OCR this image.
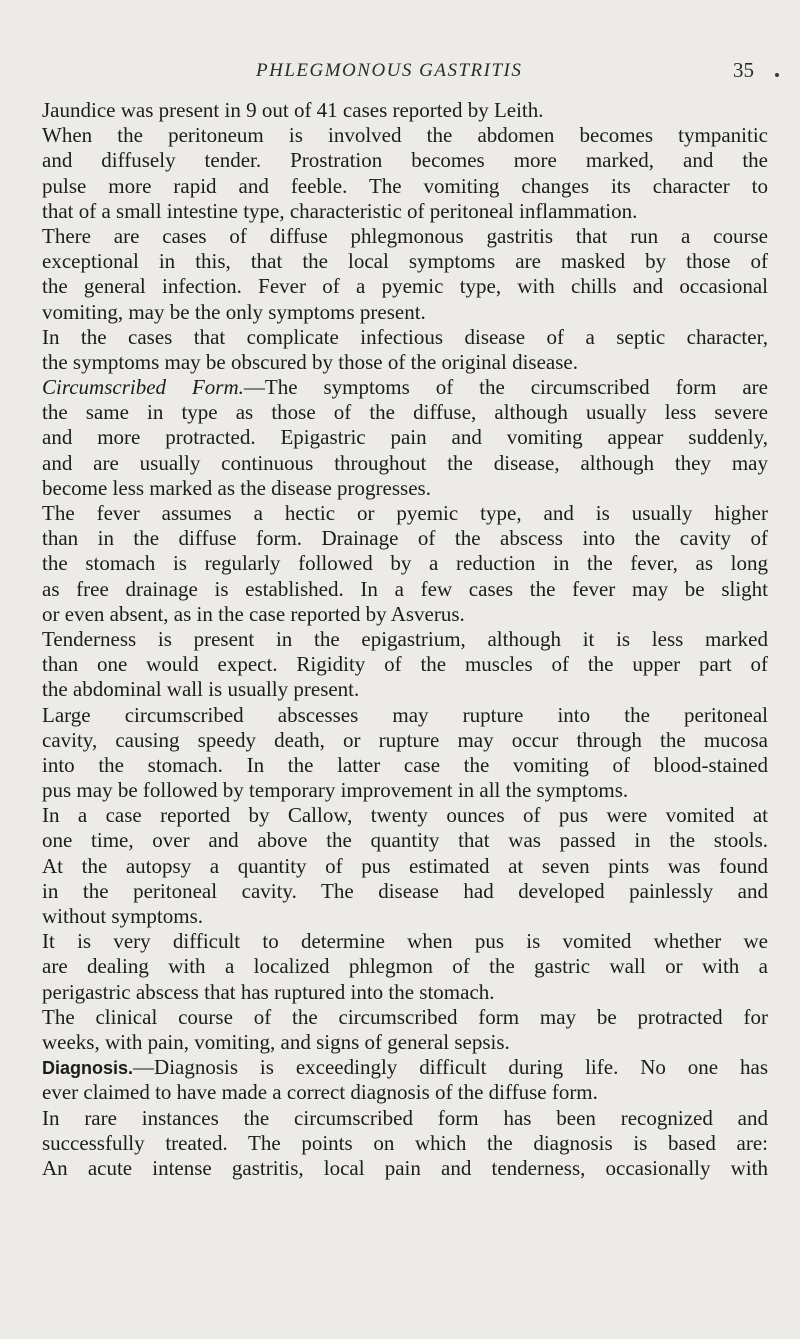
PHLEGMONOUS GASTRITIS	35
Jaundice was present in 9 out of 41 cases reported by Leith.
When the peritoneum is involved the abdomen becomes tympanitic
and diffusely tender. Prostration becomes more marked, and the
pulse more rapid and feeble. The vomiting changes its character to
that of a small intestine type, characteristic of peritoneal inflammation.
There are cases of diffuse phlegmonous gastritis that run a course
exceptional in this, that the local symptoms are masked by those of
the general infection. Fever of a pyemic type, with chills and occasional
vomiting, may be the only symptoms present.
In the cases that complicate infectious disease of a septic character,
the symptoms may be obscured by those of the original disease.
Circumscribed Form.—The symptoms of the circumscribed form are
the same in type as those of the diffuse, although usually less severe
and more protracted. Epigastric pain and vomiting appear suddenly,
and are usually continuous throughout the disease, although they may
become less marked as the disease progresses.
The fever assumes a hectic or pyemic type, and is usually higher
than in the diffuse form. Drainage of the abscess into the cavity of
the stomach is regularly followed by a reduction in the fever, as long
as free drainage is established. In a few cases the fever may be slight
or even absent, as in the case reported by Asverus.
Tenderness is present in the epigastrium, although it is less marked
than one would expect. Rigidity of the muscles of the upper part of
the abdominal wall is usually present.
Large circumscribed abscesses may rupture into the peritoneal
cavity, causing speedy death, or rupture may occur through the mucosa
into the stomach. In the latter case the vomiting of blood-stained
pus may be followed by temporary improvement in all the symptoms.
In a case reported by Callow, twenty ounces of pus were vomited at
one time, over and above the quantity that was passed in the stools.
At the autopsy a quantity of pus estimated at seven pints was found
in the peritoneal cavity. The disease had developed painlessly and
without symptoms.
It is very difficult to determine when pus is vomited whether we
are dealing with a localized phlegmon of the gastric wall or with a
perigastric abscess that has ruptured into the stomach.
The clinical course of the circumscribed form may be protracted for
weeks, with pain, vomiting, and signs of general sepsis.
Diagnosis.—Diagnosis is exceedingly difficult during life. No one has
ever claimed to have made a correct diagnosis of the diffuse form.
In rare instances the circumscribed form has been recognized and
successfully treated. The points on which the diagnosis is based are:
An acute intense gastritis, local pain and tenderness, occasionally with
